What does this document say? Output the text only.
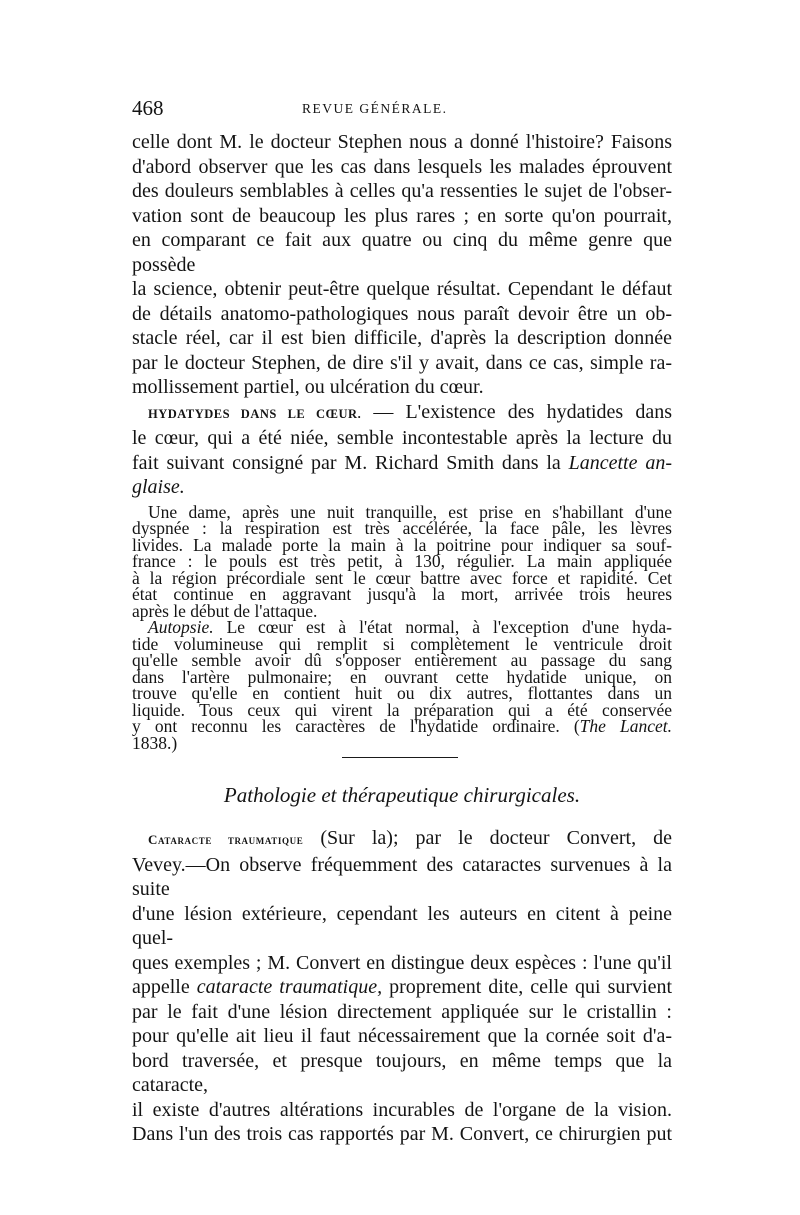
468	REVUE GÉNÉRALE.

celle dont M. le docteur Stephen nous a donné l'histoire? Faisons

d'abord observer que les cas dans lesquels les malades éprouvent

des douleurs semblables à celles qu'a ressenties le sujet de l'obser-

vation sont de beaucoup les plus rares ; en sorte qu'on pourrait,

en comparant ce fait aux quatre ou cinq du même genre que possède

la science, obtenir peut-être quelque résultat. Cependant le défaut

de détails anatomo-pathologiques nous paraît devoir être un ob-

stacle réel, car il est bien difficile, d'après la description donnée

par le docteur Stephen, de dire s'il y avait, dans ce cas, simple ra-

mollissement partiel, ou ulcération du cœur.

HYDATYDES DANS LE CŒUR. — L'existence des hydatides dans

le cœur, qui a été niée, semble incontestable après la lecture du

fait suivant consigné par M. Richard Smith dans la Lancette an-

glaise.

Une dame, après une nuit tranquille, est prise en s'habillant d'une

dyspnée : la respiration est très accélérée, la face pâle, les lèvres

livides. La malade porte la main à la poitrine pour indiquer sa souf-

france : le pouls est très petit, à 130, régulier. La main appliquée

à la région précordiale sent le cœur battre avec force et rapidité. Cet

état continue en aggravant jusqu'à la mort, arrivée trois heures

après le début de l'attaque.

Autopsie. Le cœur est à l'état normal, à l'exception d'une hyda-

tide volumineuse qui remplit si complètement le ventricule droit

qu'elle semble avoir dû s'opposer entièrement au passage du sang

dans l'artère pulmonaire; en ouvrant cette hydatide unique, on

trouve qu'elle en contient huit ou dix autres, flottantes dans un

liquide. Tous ceux qui virent la préparation qui a été conservée

y ont reconnu les caractères de l'hydatide ordinaire. (The Lancet.

1838.)

Pathologie et thérapeutique chirurgicales.

Cataracte traumatique (Sur la); par le docteur Convert, de

Vevey.—On observe fréquemment des cataractes survenues à la suite

d'une lésion extérieure, cependant les auteurs en citent à peine quel-

ques exemples ; M. Convert en distingue deux espèces : l'une qu'il

appelle cataracte traumatique, proprement dite, celle qui survient

par le fait d'une lésion directement appliquée sur le cristallin :

pour qu'elle ait lieu il faut nécessairement que la cornée soit d'a-

bord traversée, et presque toujours, en même temps que la cataracte,

il existe d'autres altérations incurables de l'organe de la vision.

Dans l'un des trois cas rapportés par M. Convert, ce chirurgien put
